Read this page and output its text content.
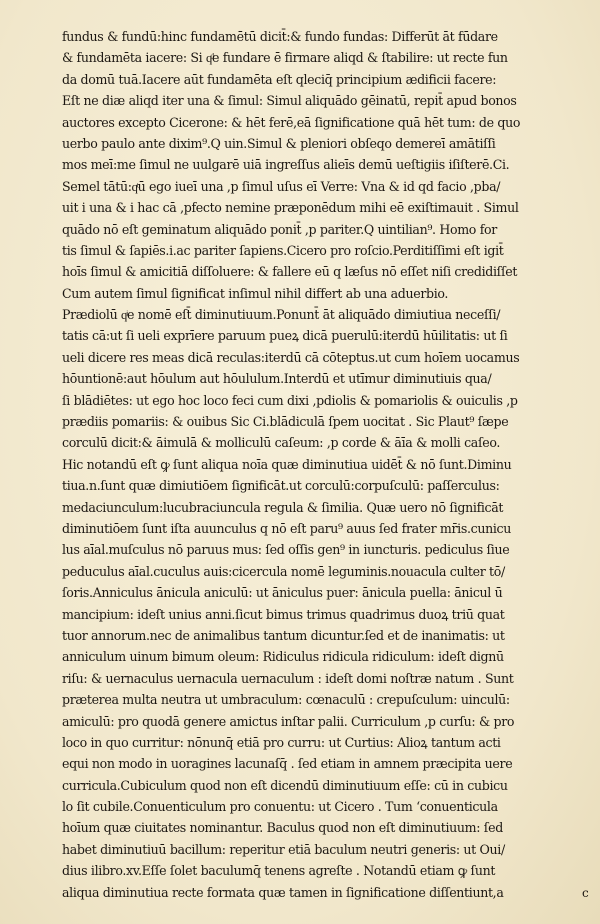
fundus & fundū:hinc fundamētū dicit̄:& fundo fundas: Differūt āt fūdare
& fundamēta iacere: Si qͩe fundare ē firmare aliqd & ſtabilire: ut recte fun
da domū tuā.Iacere aūt fundamēta eſt qleciq̄ principium ædificii facere:
Eſt ne diæ aliqd iter una & ſimul: Simul aliquādo gēinatū, repit̄ apud bonos
auctores excepto Cicerone: & hēt ferē,eā ſignificatione quā hēt tum: de quo
uerbo paulo ante dixim⁹.Q uin.Simul & pleniori obſeqo demereī amātiſſi
mos meī:me ſimul ne uulgarē uiā ingreſſus alieīs demū ueſtigiis iſiſterē.Ci.
Semel tātū:qͭū ego iueī una ,p ſimul uſus eī Verre: Vna & id qd facio ,pba/
uit i una & i hac cā ,pfecto nemine præponēdum mihi eē exiſtimauit . Simul
quādo nō eſt geminatum aliquādo ponit̄ ,p pariter.Q uintilian⁹. Homo for
tis ſimul & ſapiēs.i.ac pariter ſapiens.Cicero pro roſcio.Perditiſſimi eſt igit̄
hoīs ſimul & amicitiā diſſoluere: & fallere eū q læſus nō eſſet niſi credidiſſet
Cum autem ſimul ſignificat inſimul nihil differt ab una aduerbio.
Prædiolū qͥe nomē eſt̄ diminutiuum.Ponunt̄ āt aliquādo dimiutiua neceſſi/
tatis cā:ut ſi ueli exprīere paruum pueꝝ dicā puerulū:iterdū hūilitatis: ut ſi
ueli dicere res meas dicā reculas:iterdū cā cōteptus.ut cum hoīem uocamus
hōuntionē:aut hōulum aut hōululum.Interdū et utīmur diminutiuis qua/
ſi blādiētes: ut ego hoc loco feci cum dixi ,pdiolis & pomariolis & ouiculis ,p
prædiis pomariis: & ouibus Sic Ci.blādiculā ſpem uocitat . Sic Plaut⁹ ſæpe
corculū dicit:& āimulā & molliculū caſeum: ,p corde & āīa & molli caſeo.
Hic notandū eſt ꝙ ſunt aliqua noīa quæ diminutiua uidēt̄ & nō ſunt.Diminu
tiua.n.ſunt quæ dimiutiōem ſignificāt.ut corculū:corpuſculū: paſſerculus:
medaciunculum:lucubraciuncula regula & ſimilia. Quæ uero nō ſignificāt
diminutiōem ſunt iſta auunculus q nō eſt paru⁹ auus ſed frater mr̄is.cunicu
lus aīal.muſculus nō paruus mus: ſed oſſis gen⁹ in iuncturis. pediculus ſiue
peduculus aīal.cuculus auis:cicercula nomē leguminis.nouacula culter tō/
ſoris.Anniculus ānicula aniculū: ut āniculus puer: ānicula puella: ānicul ū
mancipium: ideſt unius anni.ſicut bimus trimus quadrimus duoꝝ triū quat
tuor annorum.nec de animalibus tantum dicuntur.ſed et de inanimatis: ut
anniculum uinum bimum oleum: Ridiculus ridicula ridiculum: ideſt dignū
riſu: & uernaculus uernacula uernaculum : ideſt domi noſtræ natum . Sunt
præterea multa neutra ut umbraculum: cœnaculū : crepuſculum: uinculū:
amiculū: pro quodā genere amictus inſtar palii. Curriculum ,p curſu: & pro
loco in quo curritur: nōnunq̄ etiā pro curru: ut Curtius: Alioꝝ tantum acti
equi non modo in uoragines lacunaſq̄ . ſed etiam in amnem præcipita uere
curricula.Cubiculum quod non eſt dicendū diminutiuum eſſe: cū in cubicu
lo ſit cubile.Conuenticulum pro conuentu: ut Cicero . Tum ‘conuenticula
hoīum quæ ciuitates nominantur. Baculus quod non eſt diminutiuum: ſed
habet diminutiuū bacillum: reperitur etiā baculum neutri generis: ut Oui/
dius ilibro.xv.Eſſe ſolet baculumq̄ tenens agreſte . Notandū etiam ꝙ ſunt
aliqua diminutiua recte formata quæ tamen in ſignificatione diſſentiunt,a	c
